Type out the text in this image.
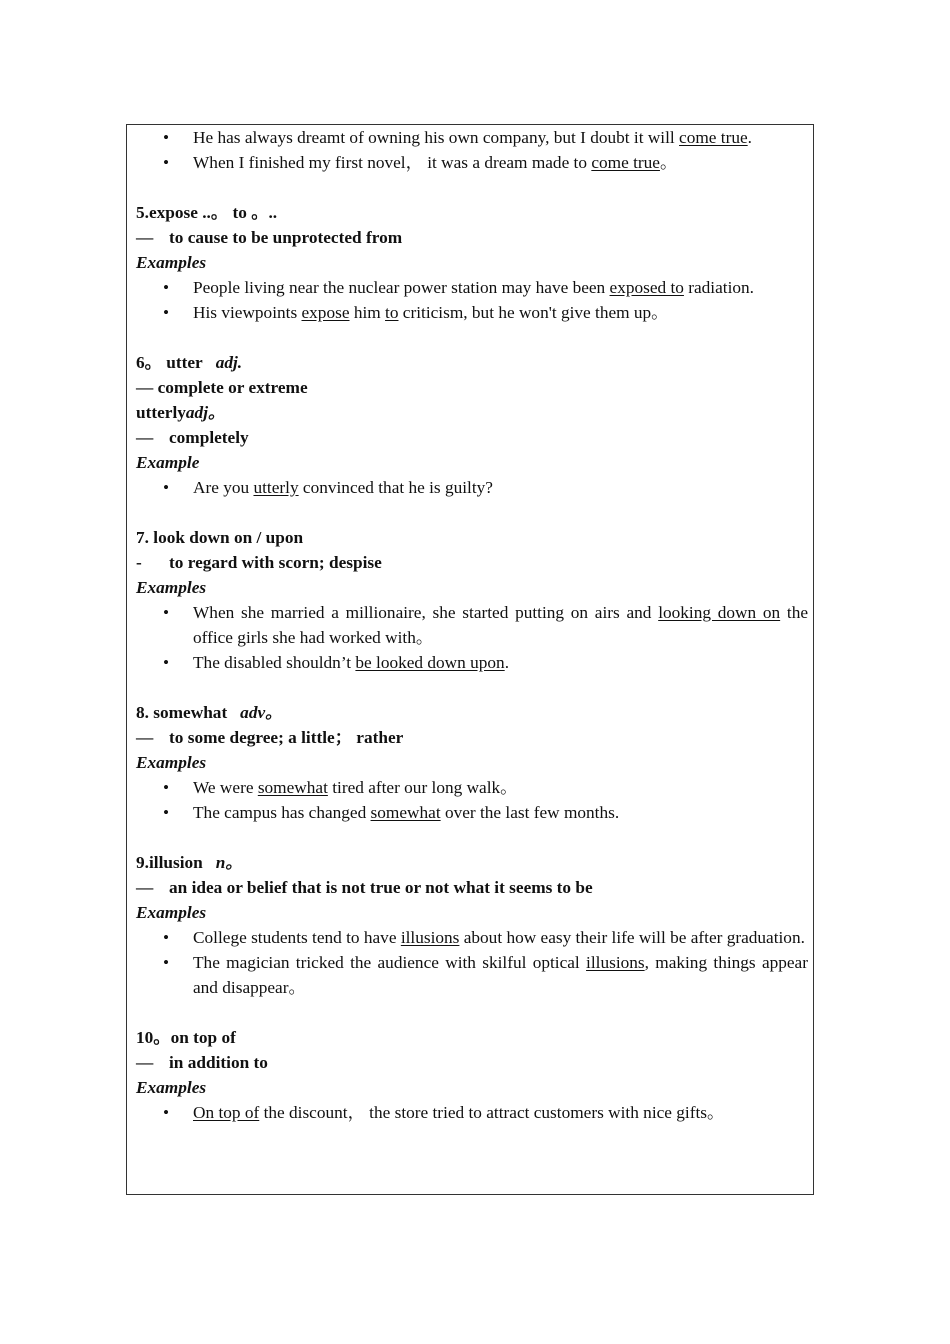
• He has always dreamt of owning his own company, but I doubt it will come true.
• When I finished my first novel， it was a dream made to come true。
5.expose ..。 to 。..
— to cause to be unprotected from
Examples
• People living near the nuclear power station may have been exposed to radiation.
• His viewpoints expose him to criticism, but he won't give them up。
6。 utter adj.
— complete or extreme
utterlyadj。
— completely
Example
• Are you utterly convinced that he is guilty?
7. look down on / upon
- to regard with scorn; despise
Examples
• When she married a millionaire, she started putting on airs and looking down on the office girls she had worked with。
• The disabled shouldn’t be looked down upon.
8. somewhat adv。
— to some degree; a little； rather
Examples
• We were somewhat tired after our long walk。
• The campus has changed somewhat over the last few months.
9.illusion n。
— an idea or belief that is not true or not what it seems to be
Examples
• College students tend to have illusions about how easy their life will be after graduation.
• The magician tricked the audience with skilful optical illusions, making things appear and disappear。
10。on top of
— in addition to
Examples
• On top of the discount， the store tried to attract customers with nice gifts。
